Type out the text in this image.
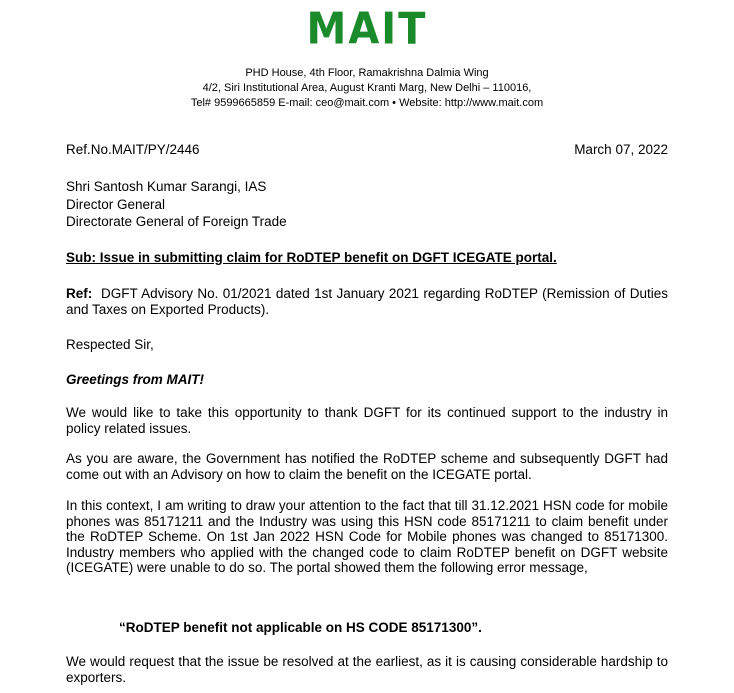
MAIT
PHD House, 4th Floor, Ramakrishna Dalmia Wing
4/2, Siri Institutional Area, August Kranti Marg, New Delhi – 110016,
Tel# 9599665859 E-mail: ceo@mait.com • Website: http://www.mait.com
Ref.No.MAIT/PY/2446	March 07, 2022
Shri Santosh Kumar Sarangi, IAS
Director General
Directorate General of Foreign Trade
Sub: Issue in submitting claim for RoDTEP benefit on DGFT ICEGATE portal.
Ref: DGFT Advisory No. 01/2021 dated 1st January 2021 regarding RoDTEP (Remission of Duties and Taxes on Exported Products).
Respected Sir,
Greetings from MAIT!
We would like to take this opportunity to thank DGFT for its continued support to the industry in policy related issues.
As you are aware, the Government has notified the RoDTEP scheme and subsequently DGFT had come out with an Advisory on how to claim the benefit on the ICEGATE portal.
In this context, I am writing to draw your attention to the fact that till 31.12.2021 HSN code for mobile phones was 85171211 and the Industry was using this HSN code 85171211 to claim benefit under the RoDTEP Scheme. On 1st Jan 2022 HSN Code for Mobile phones was changed to 85171300. Industry members who applied with the changed code to claim RoDTEP benefit on DGFT website (ICEGATE) were unable to do so. The portal showed them the following error message,
“RoDTEP benefit not applicable on HS CODE 85171300”.
We would request that the issue be resolved at the earliest, as it is causing considerable hardship to exporters.
